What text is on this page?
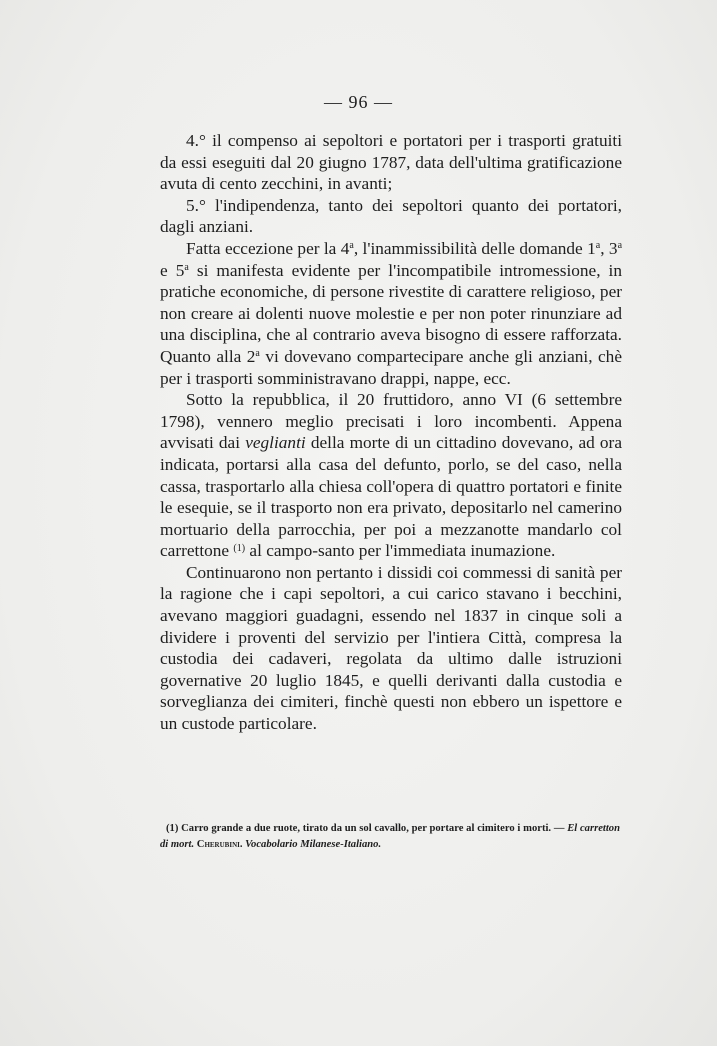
— 96 —

4.° il compenso ai sepoltori e portatori per i trasporti gratuiti da essi eseguiti dal 20 giugno 1787, data dell'ultima gratificazione avuta di cento zecchini, in avanti;

5.° l'indipendenza, tanto dei sepoltori quanto dei portatori, dagli anziani.

Fatta eccezione per la 4$^a$, l'inammissibilità delle domande 1$^a$, 3$^a$ e 5$^a$ si manifesta evidente per l'incompatibile intromessione, in pratiche economiche, di persone rivestite di carattere religioso, per non creare ai dolenti nuove molestie e per non poter rinunziare ad una disciplina, che al contrario aveva bisogno di essere rafforzata. Quanto alla 2$^a$ vi dovevano compartecipare anche gli anziani, chè per i trasporti somministravano drappi, nappe, ecc.

Sotto la repubblica, il 20 fruttidoro, anno VI (6 settembre 1798), vennero meglio precisati i loro incombenti. Appena avvisati dai veglianti della morte di un cittadino dovevano, ad ora indicata, portarsi alla casa del defunto, porlo, se del caso, nella cassa, trasportarlo alla chiesa coll'opera di quattro portatori e finite le esequie, se il trasporto non era privato, depositarlo nel camerino mortuario della parrocchia, per poi a mezzanotte mandarlo col carrettone $^{(1)}$ al campo-santo per l'immediata inumazione.

Continuarono non pertanto i dissidi coi commessi di sanità per la ragione che i capi sepoltori, a cui carico stavano i becchini, avevano maggiori guadagni, essendo nel 1837 in cinque soli a dividere i proventi del servizio per l'intiera Città, compresa la custodia dei cadaveri, regolata da ultimo dalle istruzioni governative 20 luglio 1845, e quelli derivanti dalla custodia e sorveglianza dei cimiteri, finchè questi non ebbero un ispettore e un custode particolare.

(1) Carro grande a due ruote, tirato da un sol cavallo, per portare al cimitero i morti. — El carretton di mort. Cherubini. Vocabolario Milanese-Italiano.
